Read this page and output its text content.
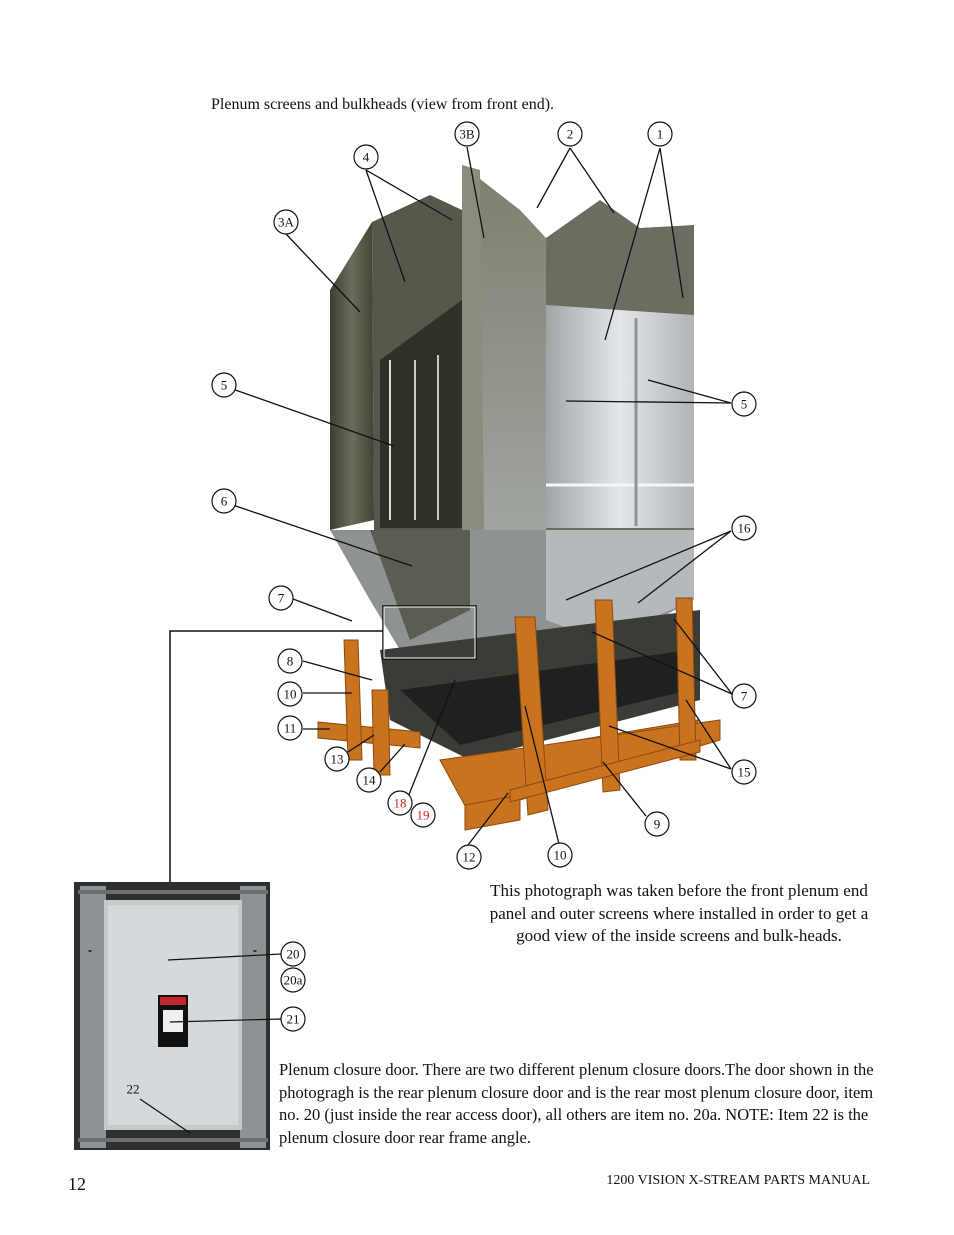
Plenum screens and bulkheads (view from front end).
3B	2	1
4
3A
5
5
6
16
7
7
8
10
11
13
14
18
19
15
9
12	10
20
20a
21
22
This photograph was taken before the front plenum end panel and outer screens where installed in order to get a good view of the inside screens and bulk-heads.
Plenum closure door. There are two different plenum closure doors.The door shown in the photogragh is the rear plenum closure door and is the rear most plenum closure door, item no. 20 (just inside the rear access door), all others are item no. 20a. NOTE: Item 22 is the plenum closure door rear frame angle.
12	1200 VISION X-STREAM PARTS MANUAL
